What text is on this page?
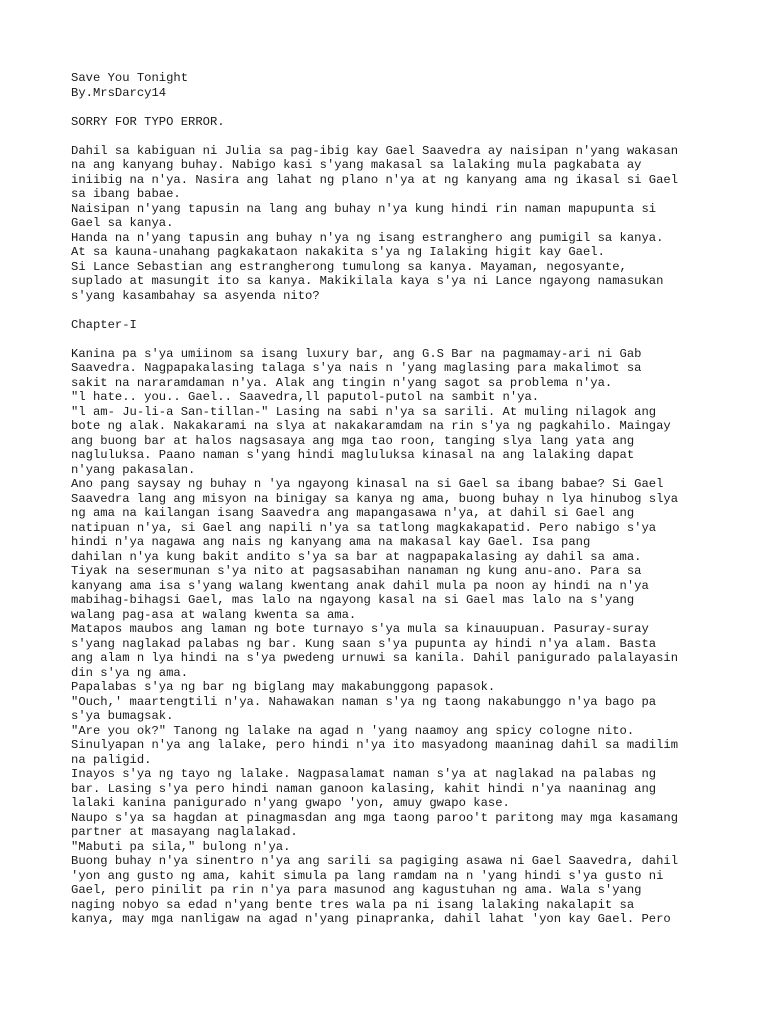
Save You Tonight
By.MrsDarcy14
SORRY FOR TYPO ERROR.
Dahil sa kabiguan ni Julia sa pag-ibig kay Gael Saavedra ay naisipan n'yang wakasan
na ang kanyang buhay. Nabigo kasi s'yang makasal sa lalaking mula pagkabata ay
iniibig na n'ya. Nasira ang lahat ng plano n'ya at ng kanyang ama ng ikasal si Gael
sa ibang babae.
Naisipan n'yang tapusin na lang ang buhay n'ya kung hindi rin naman mapupunta si
Gael sa kanya.
Handa na n'yang tapusin ang buhay n'ya ng isang estranghero ang pumigil sa kanya.
At sa kauna-unahang pagkakataon nakakita s'ya ng Ialaking higit kay Gael.
Si Lance Sebastian ang estrangherong tumulong sa kanya. Mayaman, negosyante,
suplado at masungit ito sa kanya. Makikilala kaya s'ya ni Lance ngayong namasukan
s'yang kasambahay sa asyenda nito?
Chapter-I
Kanina pa s'ya umiinom sa isang luxury bar, ang G.S Bar na pagmamay-ari ni Gab
Saavedra. Nagpapakalasing talaga s'ya nais n 'yang maglasing para makalimot sa
sakit na nararamdaman n'ya. Alak ang tingin n'yang sagot sa problema n'ya.
"l hate.. you.. Gael.. Saavedra,ll paputol-putol na sambit n'ya.
"l am- Ju-li-a San-tillan-" Lasing na sabi n'ya sa sarili. At muling nilagok ang
bote ng alak. Nakakarami na slya at nakakaramdam na rin s'ya ng pagkahilo. Maingay
ang buong bar at halos nagsasaya ang mga tao roon, tanging slya lang yata ang
nagluluksa. Paano naman s'yang hindi magluluksa kinasal na ang lalaking dapat
n'yang pakasalan.
Ano pang saysay ng buhay n 'ya ngayong kinasal na si Gael sa ibang babae? Si Gael
Saavedra lang ang misyon na binigay sa kanya ng ama, buong buhay n lya hinubog slya
ng ama na kailangan isang Saavedra ang mapangasawa n'ya, at dahil si Gael ang
natipuan n'ya, si Gael ang napili n'ya sa tatlong magkakapatid. Pero nabigo s'ya
hindi n'ya nagawa ang nais ng kanyang ama na makasal kay Gael. Isa pang
dahilan n'ya kung bakit andito s'ya sa bar at nagpapakalasing ay dahil sa ama.
Tiyak na sesermunan s'ya nito at pagsasabihan nanaman ng kung anu-ano. Para sa
kanyang ama isa s'yang walang kwentang anak dahil mula pa noon ay hindi na n'ya
mabihag-bihagsi Gael, mas lalo na ngayong kasal na si Gael mas lalo na s'yang
walang pag-asa at walang kwenta sa ama.
Matapos maubos ang laman ng bote turnayo s'ya mula sa kinauupuan. Pasuray-suray
s'yang naglakad palabas ng bar. Kung saan s'ya pupunta ay hindi n'ya alam. Basta
ang alam n lya hindi na s'ya pwedeng urnuwi sa kanila. Dahil panigurado palalayasin
din s'ya ng ama.
Papalabas s'ya ng bar ng biglang may makabunggong papasok.
"Ouch,' maartengtili n'ya. Nahawakan naman s'ya ng taong nakabunggo n'ya bago pa
s'ya bumagsak.
"Are you ok?" Tanong ng lalake na agad n 'yang naamoy ang spicy cologne nito.
Sinulyapan n'ya ang lalake, pero hindi n'ya ito masyadong maaninag dahil sa madilim
na paligid.
Inayos s'ya ng tayo ng lalake. Nagpasalamat naman s'ya at naglakad na palabas ng
bar. Lasing s'ya pero hindi naman ganoon kalasing, kahit hindi n'ya naaninag ang
lalaki kanina panigurado n'yang gwapo 'yon, amuy gwapo kase.
Naupo s'ya sa hagdan at pinagmasdan ang mga taong paroo't paritong may mga kasamang
partner at masayang naglalakad.
"Mabuti pa sila," bulong n'ya.
Buong buhay n'ya sinentro n'ya ang sarili sa pagiging asawa ni Gael Saavedra, dahil
'yon ang gusto ng ama, kahit simula pa lang ramdam na n 'yang hindi s'ya gusto ni
Gael, pero pinilit pa rin n'ya para masunod ang kagustuhan ng ama. Wala s'yang
naging nobyo sa edad n'yang bente tres wala pa ni isang lalaking nakalapit sa
kanya, may mga nanligaw na agad n'yang pinapranka, dahil lahat 'yon kay Gael. Pero
